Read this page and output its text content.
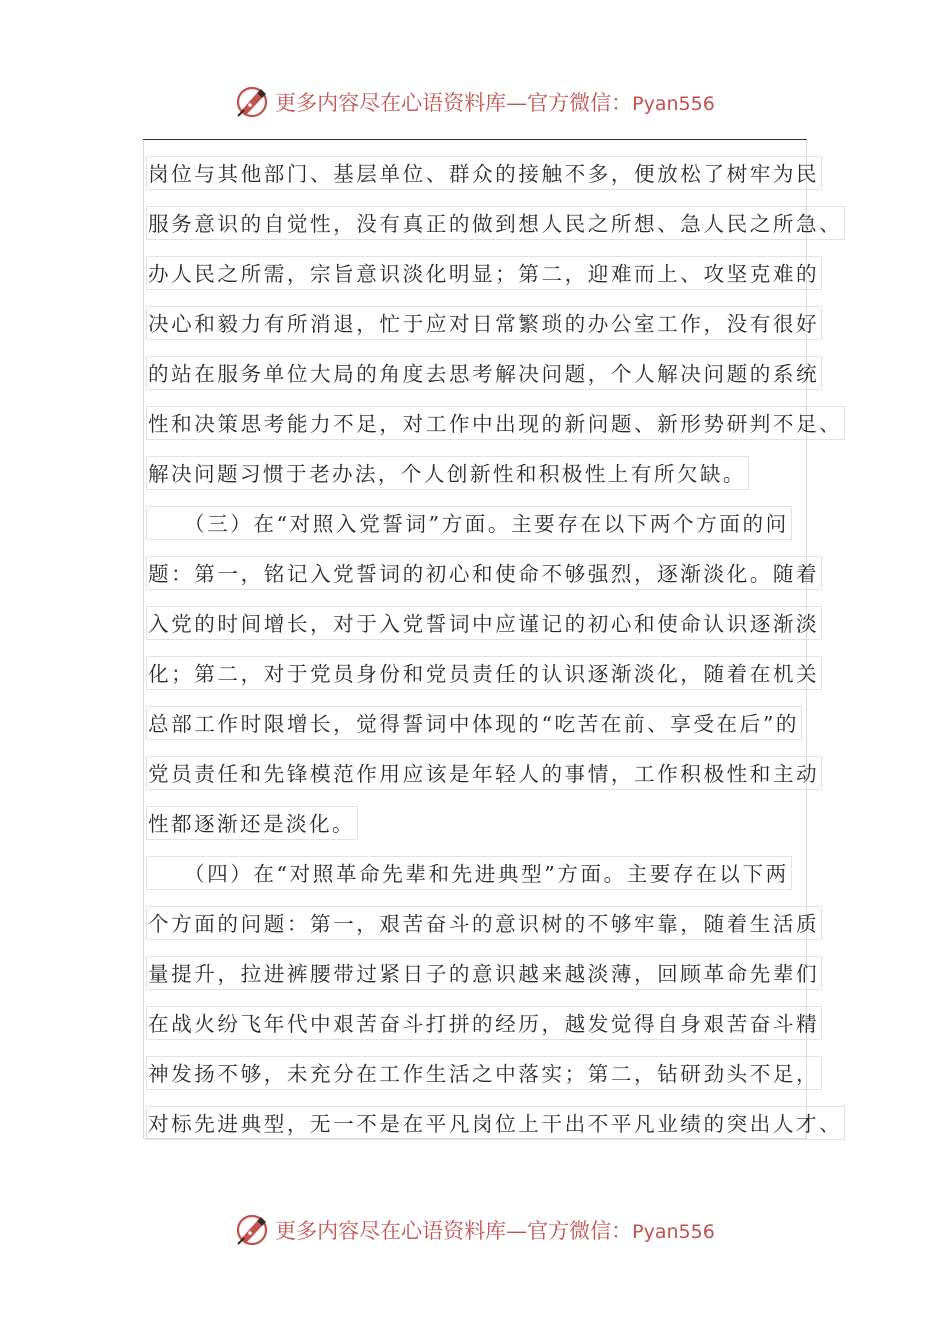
更多内容尽在心语资料库—官方微信：Pyan556
岗位与其他部门、基层单位、群众的接触不多，便放松了树牢为民
服务意识的自觉性，没有真正的做到想人民之所想、急人民之所急、
办人民之所需，宗旨意识淡化明显；第二，迎难而上、攻坚克难的
决心和毅力有所消退，忙于应对日常繁琐的办公室工作，没有很好
的站在服务单位大局的角度去思考解决问题，个人解决问题的系统
性和决策思考能力不足，对工作中出现的新问题、新形势研判不足、
解决问题习惯于老办法，个人创新性和积极性上有所欠缺。
　　（三）在“对照入党誓词”方面。主要存在以下两个方面的问
题：第一，铭记入党誓词的初心和使命不够强烈，逐渐淡化。随着
入党的时间增长，对于入党誓词中应谨记的初心和使命认识逐渐淡
化；第二，对于党员身份和党员责任的认识逐渐淡化，随着在机关
总部工作时限增长，觉得誓词中体现的“吃苦在前、享受在后”的
党员责任和先锋模范作用应该是年轻人的事情，工作积极性和主动
性都逐渐还是淡化。
　　（四）在“对照革命先辈和先进典型”方面。主要存在以下两
个方面的问题：第一，艰苦奋斗的意识树的不够牢靠，随着生活质
量提升，拉进裤腰带过紧日子的意识越来越淡薄，回顾革命先辈们
在战火纷飞年代中艰苦奋斗打拼的经历，越发觉得自身艰苦奋斗精
神发扬不够，未充分在工作生活之中落实；第二，钻研劲头不足，
对标先进典型，无一不是在平凡岗位上干出不平凡业绩的突出人才、
更多内容尽在心语资料库—官方微信：Pyan556
